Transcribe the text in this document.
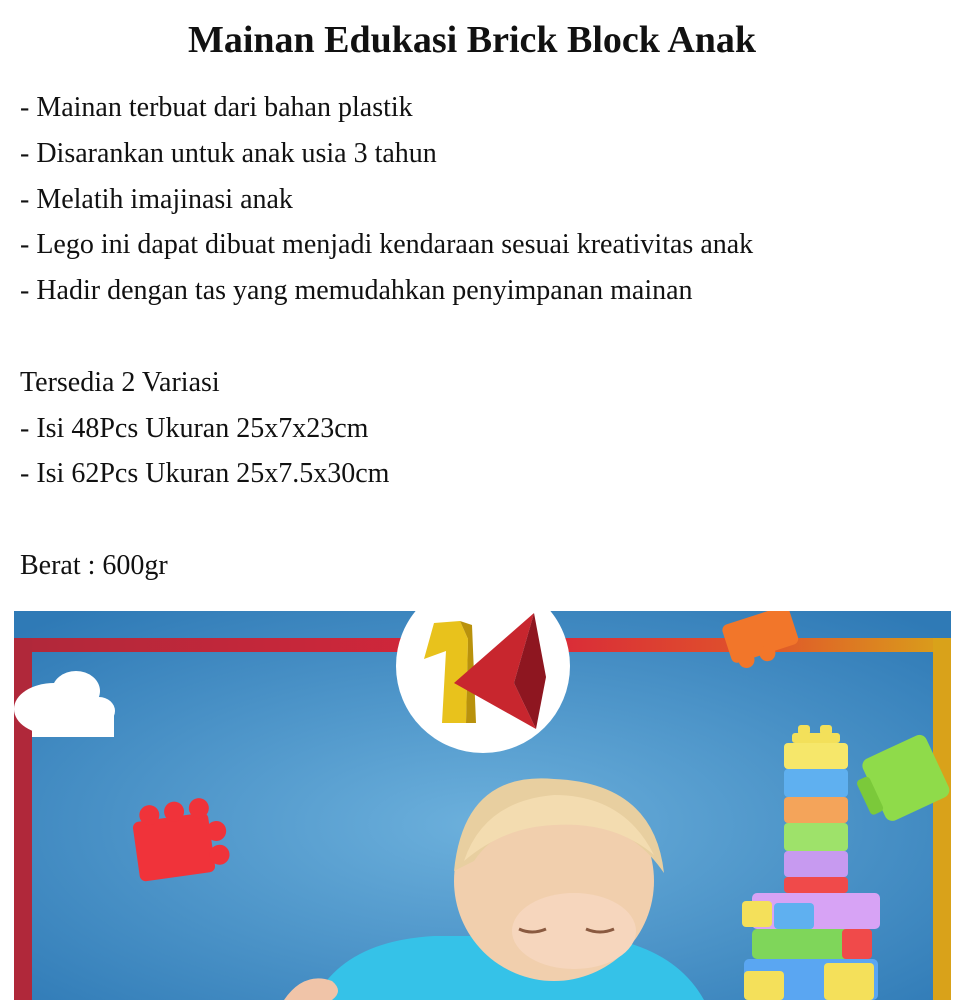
Mainan Edukasi Brick Block Anak
- Mainan terbuat dari bahan plastik
- Disarankan untuk anak usia 3 tahun
- Melatih imajinasi anak
- Lego ini dapat dibuat menjadi kendaraan sesuai kreativitas anak
- Hadir dengan tas yang memudahkan penyimpanan mainan
Tersedia 2 Variasi
- Isi 48Pcs Ukuran 25x7x23cm
- Isi 62Pcs Ukuran 25x7.5x30cm
Berat : 600gr
